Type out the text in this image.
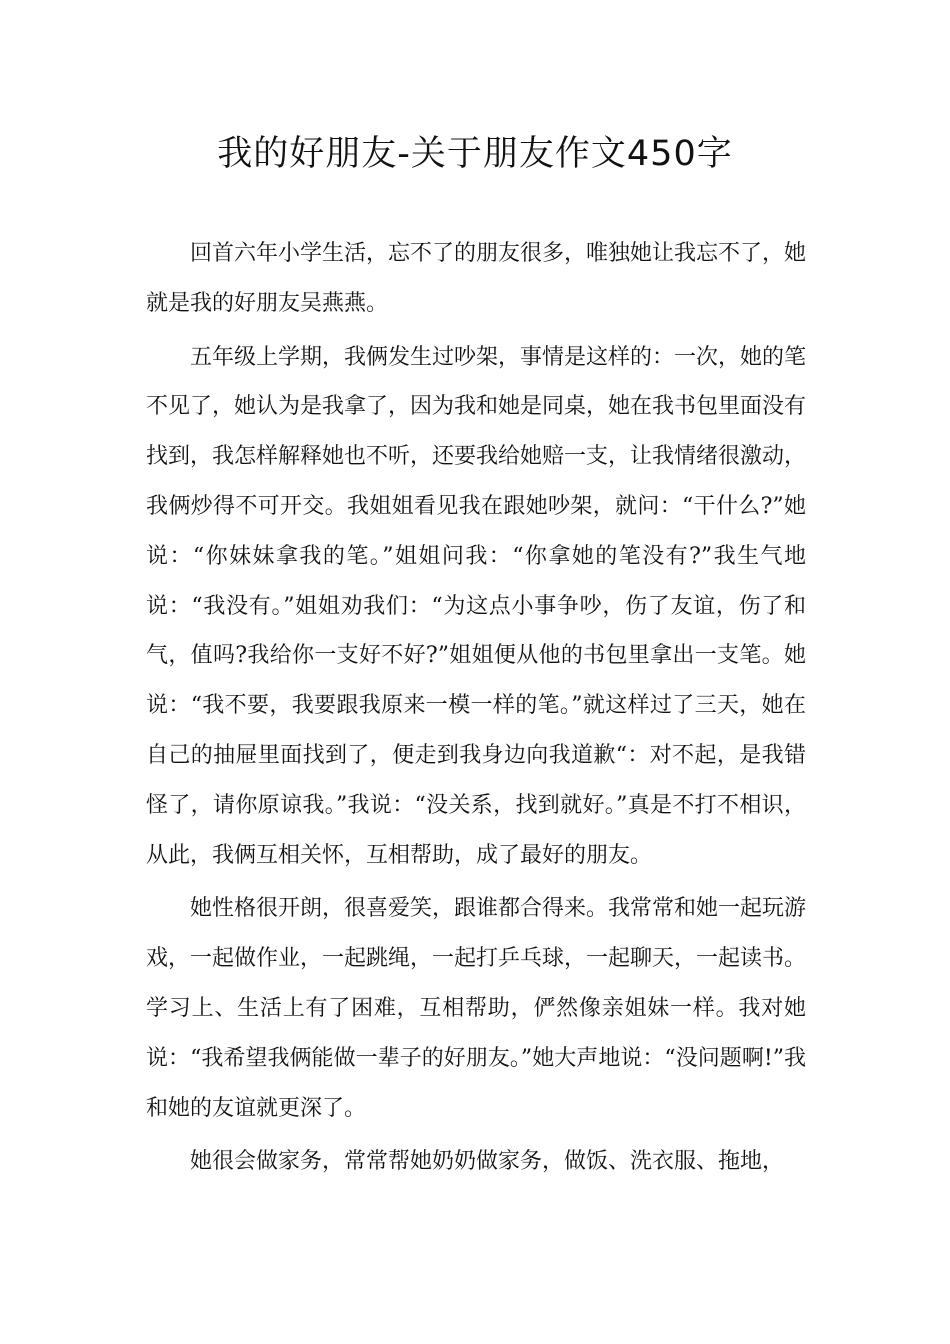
我的好朋友-关于朋友作文450字

回首六年小学生活，忘不了的朋友很多，唯独她让我忘不了，她就是我的好朋友吴燕燕。

五年级上学期，我俩发生过吵架，事情是这样的：一次，她的笔不见了，她认为是我拿了，因为我和她是同桌，她在我书包里面没有找到，我怎样解释她也不听，还要我给她赔一支，让我情绪很激动，我俩炒得不可开交。我姐姐看见我在跟她吵架，就问：“干什么?”她说：“你妹妹拿我的笔。”姐姐问我：“你拿她的笔没有?”我生气地说：“我没有。”姐姐劝我们：“为这点小事争吵，伤了友谊，伤了和气，值吗?我给你一支好不好?”姐姐便从他的书包里拿出一支笔。她说：“我不要，我要跟我原来一模一样的笔。”就这样过了三天，她在自己的抽屉里面找到了，便走到我身边向我道歉“：对不起，是我错怪了，请你原谅我。”我说：“没关系，找到就好。”真是不打不相识，从此，我俩互相关怀，互相帮助，成了最好的朋友。

她性格很开朗，很喜爱笑，跟谁都合得来。我常常和她一起玩游戏，一起做作业，一起跳绳，一起打乒乓球，一起聊天，一起读书。学习上、生活上有了困难，互相帮助，俨然像亲姐妹一样。我对她说：“我希望我俩能做一辈子的好朋友。”她大声地说：“没问题啊!”我和她的友谊就更深了。

她很会做家务，常常帮她奶奶做家务，做饭、洗衣服、拖地，
